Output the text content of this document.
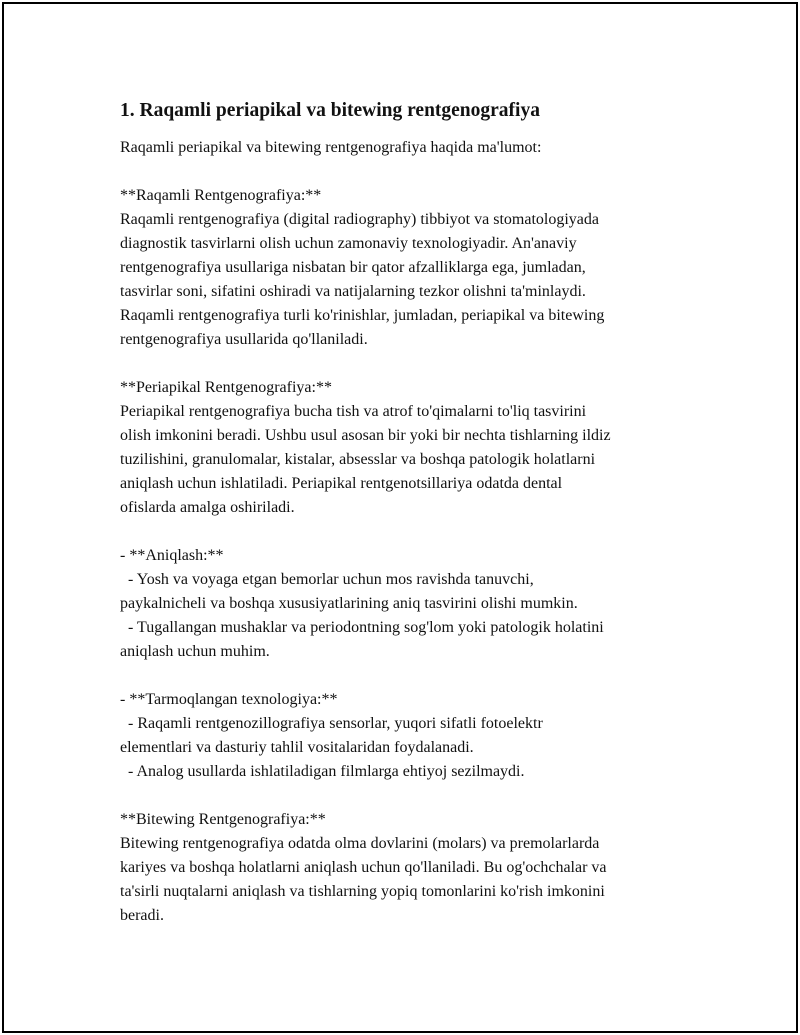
1. Raqamli periapikal va bitewing rentgenografiya
Raqamli periapikal va bitewing rentgenografiya haqida ma'lumot:
**Raqamli Rentgenografiya:**
Raqamli rentgenografiya (digital radiography) tibbiyot va stomatologiyada
diagnostik tasvirlarni olish uchun zamonaviy texnologiyadir. An'anaviy
rentgenografiya usullariga nisbatan bir qator afzalliklarga ega, jumladan,
tasvirlar soni, sifatini oshiradi va natijalarning tezkor olishni ta'minlaydi.
Raqamli rentgenografiya turli ko'rinishlar, jumladan, periapikal va bitewing
rentgenografiya usullarida qo'llaniladi.
**Periapikal Rentgenografiya:**
Periapikal rentgenografiya bucha tish va atrof to'qimalarni to'liq tasvirini
olish imkonini beradi. Ushbu usul asosan bir yoki bir nechta tishlarning ildiz
tuzilishini, granulomalar, kistalar, absesslar va boshqa patologik holatlarni
aniqlash uchun ishlatiladi. Periapikal rentgenotsillariya odatda dental
ofislarda amalga oshiriladi.
- **Aniqlash:**
- Yosh va voyaga etgan bemorlar uchun mos ravishda tanuvchi,
paykalnicheli va boshqa xususiyatlarining aniq tasvirini olishi mumkin.
- Tugallangan mushaklar va periodontning sog'lom yoki patologik holatini
aniqlash uchun muhim.
- **Tarmoqlangan texnologiya:**
- Raqamli rentgenozillografiya sensorlar, yuqori sifatli fotoelektr
elementlari va dasturiy tahlil vositalaridan foydalanadi.
- Analog usullarda ishlatiladigan filmlarga ehtiyoj sezilmaydi.
**Bitewing Rentgenografiya:**
Bitewing rentgenografiya odatda olma dovlarini (molars) va premolarlarda
kariyes va boshqa holatlarni aniqlash uchun qo'llaniladi. Bu og'ochchalar va
ta'sirli nuqtalarni aniqlash va tishlarning yopiq tomonlarini ko'rish imkonini
beradi.
